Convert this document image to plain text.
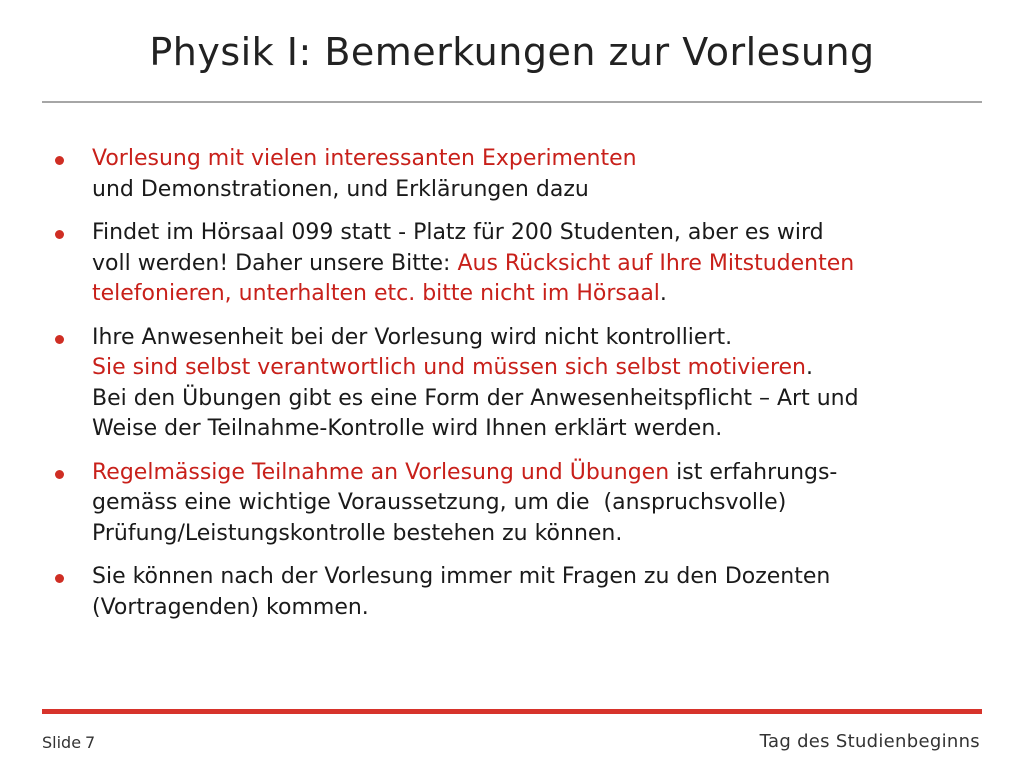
Physik I: Bemerkungen zur Vorlesung
Vorlesung mit vielen interessanten Experimenten
und Demonstrationen, und Erklärungen dazu
Findet im Hörsaal 099 statt - Platz für 200 Studenten, aber es wird
voll werden! Daher unsere Bitte: Aus Rücksicht auf Ihre Mitstudenten
telefonieren, unterhalten etc. bitte nicht im Hörsaal.
Ihre Anwesenheit bei der Vorlesung wird nicht kontrolliert.
Sie sind selbst verantwortlich und müssen sich selbst motivieren.
Bei den Übungen gibt es eine Form der Anwesenheitspflicht – Art und
Weise der Teilnahme-Kontrolle wird Ihnen erklärt werden.
Regelmässige Teilnahme an Vorlesung und Übungen ist erfahrungs-
gemäss eine wichtige Voraussetzung, um die  (anspruchsvolle)
Prüfung/Leistungskontrolle bestehen zu können.
Sie können nach der Vorlesung immer mit Fragen zu den Dozenten
(Vortragenden) kommen.
Slide 7	Tag des Studienbeginns
